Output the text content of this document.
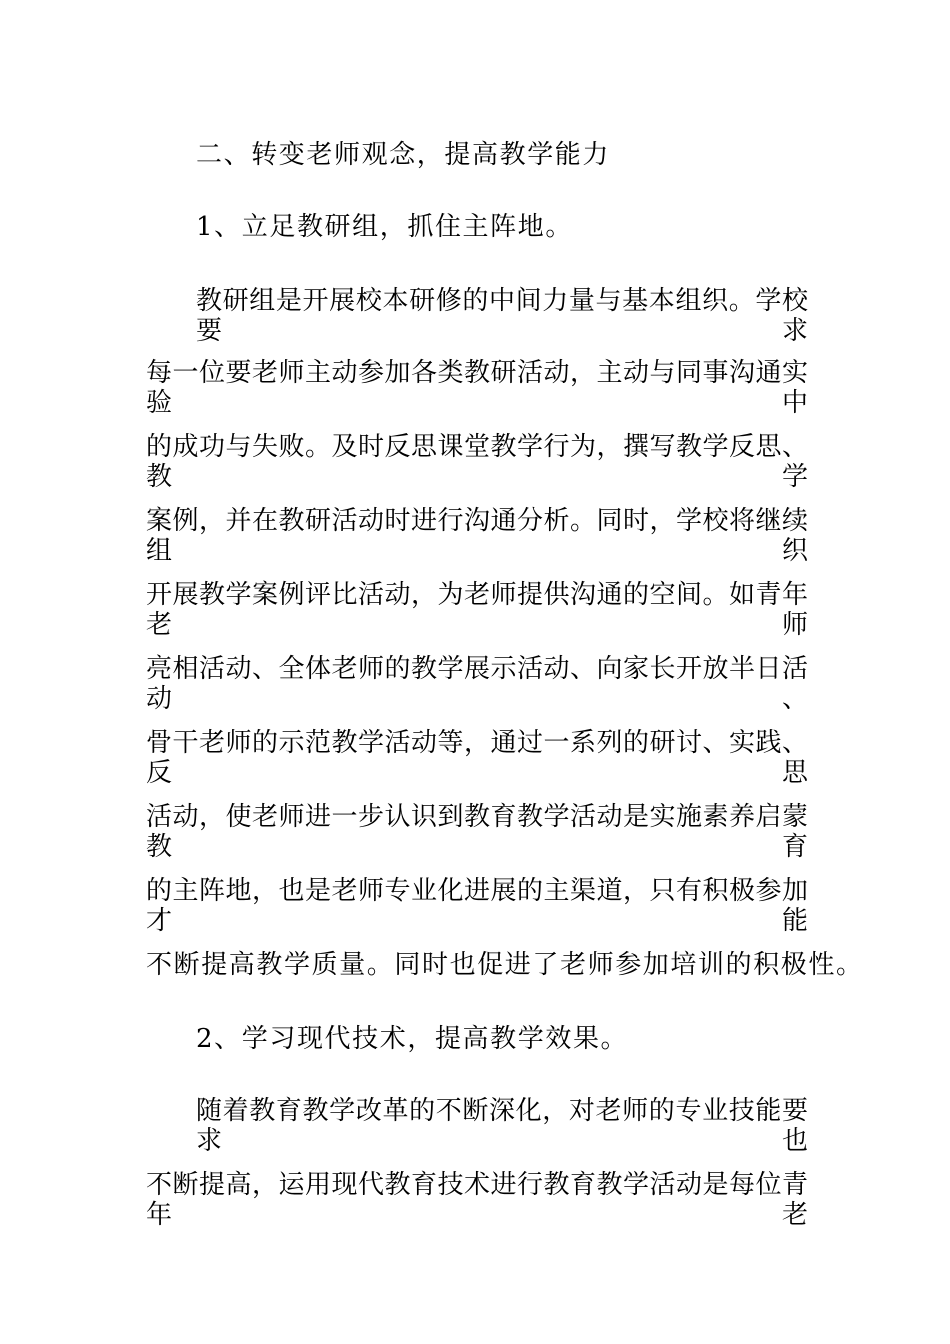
二、转变老师观念，提高教学能力
1、立足教研组，抓住主阵地。
教研组是开展校本研修的中间力量与基本组织。学校要求
每一位要老师主动参加各类教研活动，主动与同事沟通实验中
的成功与失败。及时反思课堂教学行为，撰写教学反思、教学
案例，并在教研活动时进行沟通分析。同时，学校将继续组织
开展教学案例评比活动，为老师提供沟通的空间。如青年老师
亮相活动、全体老师的教学展示活动、向家长开放半日活动、
骨干老师的示范教学活动等，通过一系列的研讨、实践、反思
活动，使老师进一步认识到教育教学活动是实施素养启蒙教育
的主阵地，也是老师专业化进展的主渠道，只有积极参加才能
不断提高教学质量。同时也促进了老师参加培训的积极性。
2、学习现代技术，提高教学效果。
随着教育教学改革的不断深化，对老师的专业技能要求也
不断提高，运用现代教育技术进行教育教学活动是每位青年老
